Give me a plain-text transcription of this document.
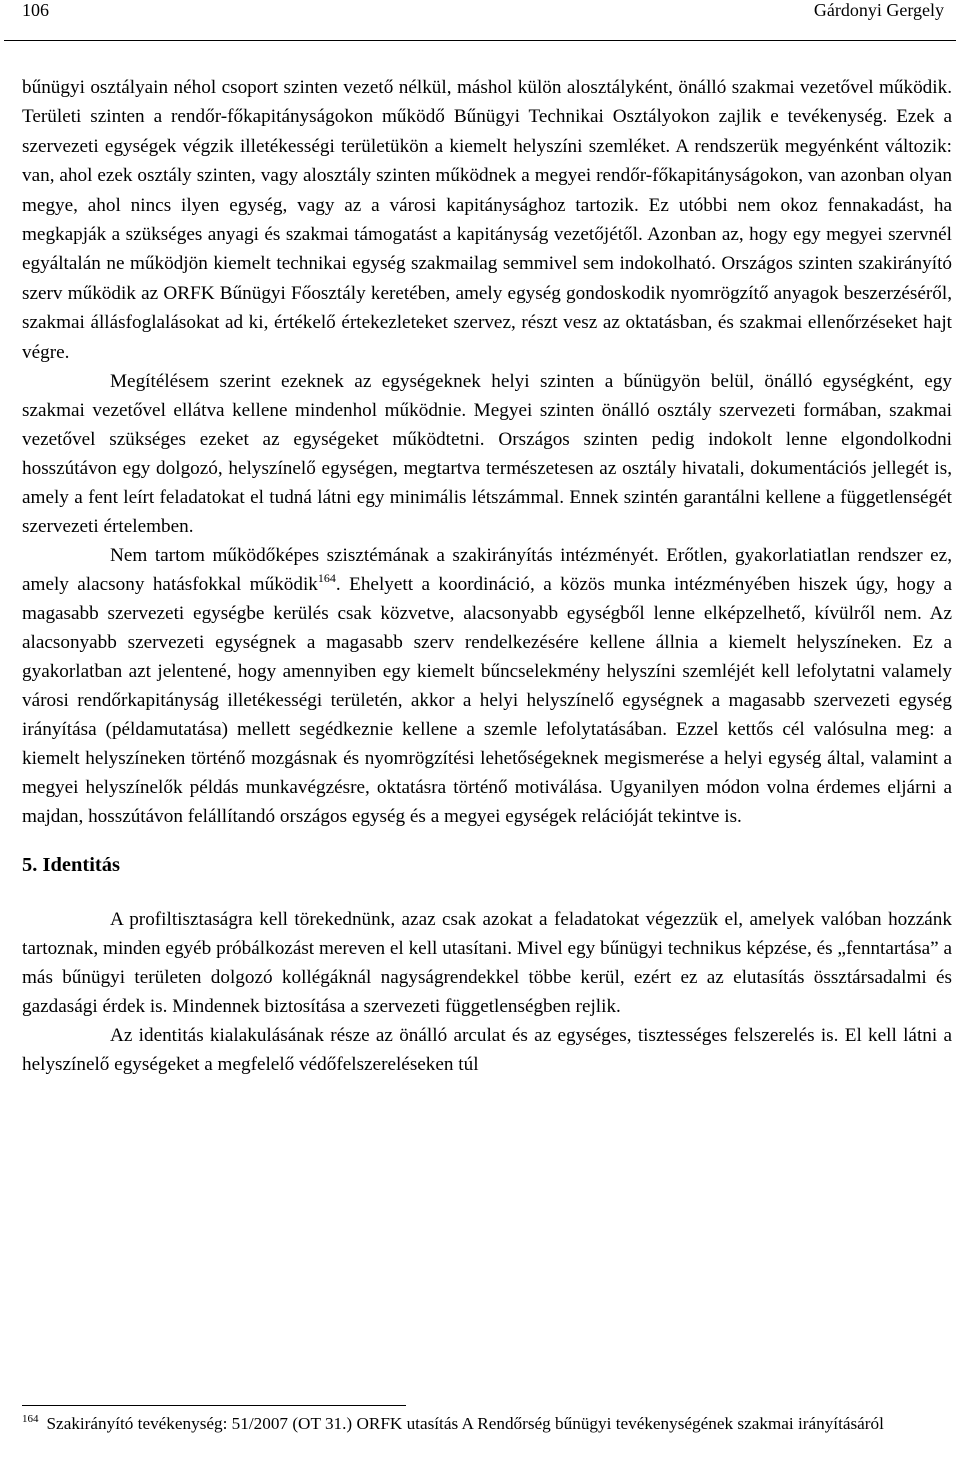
106	Gárdonyi Gergely

bűnügyi osztályain néhol csoport szinten vezető nélkül, máshol külön alosztályként, önálló szakmai vezetővel működik. Területi szinten a rendőr-főkapitányságokon működő Bűnügyi Technikai Osztályokon zajlik e tevékenység. Ezek a szervezeti egységek végzik illetékességi területükön a kiemelt helyszíni szemléket. A rendszerük megyénként változik: van, ahol ezek osztály szinten, vagy alosztály szinten működnek a megyei rendőr-főkapitányságokon, van azonban olyan megye, ahol nincs ilyen egység, vagy az a városi kapitánysághoz tartozik. Ez utóbbi nem okoz fennakadást, ha megkapják a szükséges anyagi és szakmai támogatást a kapitányság vezetőjétől. Azonban az, hogy egy megyei szervnél egyáltalán ne működjön kiemelt technikai egység szakmailag semmivel sem indokolható. Országos szinten szakirányító szerv működik az ORFK Bűnügyi Főosztály keretében, amely egység gondoskodik nyomrögzítő anyagok beszerzéséről, szakmai állásfoglalásokat ad ki, értékelő értekezleteket szervez, részt vesz az oktatásban, és szakmai ellenőrzéseket hajt végre.

Megítélésem szerint ezeknek az egységeknek helyi szinten a bűnügyön belül, önálló egységként, egy szakmai vezetővel ellátva kellene mindenhol működnie. Megyei szinten önálló osztály szervezeti formában, szakmai vezetővel szükséges ezeket az egységeket működtetni. Országos szinten pedig indokolt lenne elgondolkodni hosszútávon egy dolgozó, helyszínelő egységen, megtartva természetesen az osztály hivatali, dokumentációs jellegét is, amely a fent leírt feladatokat el tudná látni egy minimális létszámmal. Ennek szintén garantálni kellene a függetlenségét szervezeti értelemben.

Nem tartom működőképes szisztémának a szakirányítás intézményét. Erőtlen, gyakorlatiatlan rendszer ez, amely alacsony hatásfokkal működik$^{164}$. Ehelyett a koordináció, a közös munka intézményében hiszek úgy, hogy a magasabb szervezeti egységbe kerülés csak közvetve, alacsonyabb egységből lenne elképzelhető, kívülről nem. Az alacsonyabb szervezeti egységnek a magasabb szerv rendelkezésére kellene állnia a kiemelt helyszíneken. Ez a gyakorlatban azt jelentené, hogy amennyiben egy kiemelt bűncselekmény helyszíni szemléjét kell lefolytatni valamely városi rendőrkapitányság illetékességi területén, akkor a helyi helyszínelő egységnek a magasabb szervezeti egység irányítása (példamutatása) mellett segédkeznie kellene a szemle lefolytatásában. Ezzel kettős cél valósulna meg: a kiemelt helyszíneken történő mozgásnak és nyomrögzítési lehetőségeknek megismerése a helyi egység által, valamint a megyei helyszínelők példás munkavégzésre, oktatásra történő motiválása. Ugyanilyen módon volna érdemes eljárni a majdan, hosszútávon felállítandó országos egység és a megyei egységek relációját tekintve is.

5. Identitás

A profiltisztaságra kell törekednünk, azaz csak azokat a feladatokat végezzük el, amelyek valóban hozzánk tartoznak, minden egyéb próbálkozást mereven el kell utasítani. Mivel egy bűnügyi technikus képzése, és „fenntartása” a más bűnügyi területen dolgozó kollégáknál nagyságrendekkel többe kerül, ezért ez az elutasítás össztársadalmi és gazdasági érdek is. Mindennek biztosítása a szervezeti függetlenségben rejlik.

Az identitás kialakulásának része az önálló arculat és az egységes, tisztességes felszerelés is. El kell látni a helyszínelő egységeket a megfelelő védőfelszereléseken túl

$^{164}$ Szakirányító tevékenység: 51/2007 (OT 31.) ORFK utasítás A Rendőrség bűnügyi tevékenységének szakmai irányításáról
